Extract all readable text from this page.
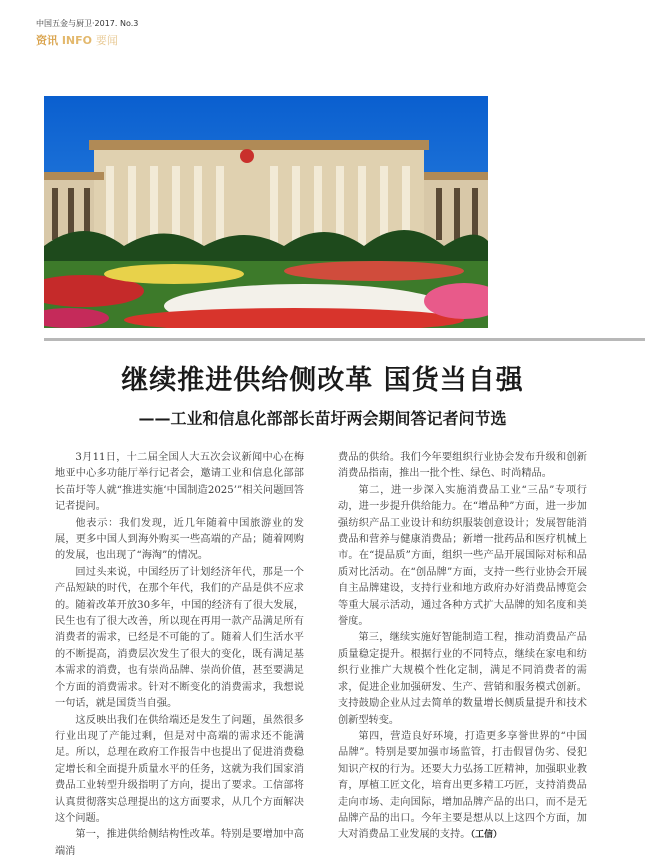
中国五金与厨卫·2017. No.3
资讯 INFO 要闻
继续推进供给侧改革 国货当自强
——工业和信息化部部长苗圩两会期间答记者问节选

3月11日，十二届全国人大五次会议新闻中心在梅地亚中心多功能厅举行记者会，邀请工业和信息化部部长苗圩等人就“推进实施‘中国制造2025’”相关问题回答记者提问。

他表示：我们发现，近几年随着中国旅游业的发展，更多中国人到海外购买一些高端的产品；随着网购的发展，也出现了“海淘”的情况。

回过头来说，中国经历了计划经济年代，那是一个产品短缺的时代，在那个年代，我们的产品是供不应求的。随着改革开放30多年，中国的经济有了很大发展，民生也有了很大改善，所以现在再用一款产品满足所有消费者的需求，已经是不可能的了。随着人们生活水平的不断提高，消费层次发生了很大的变化，既有满足基本需求的消费，也有崇尚品牌、崇尚价值，甚至要满足个方面的消费需求。针对不断变化的消费需求，我想说一句话，就是国货当自强。

这反映出我们在供给端还是发生了问题，虽然很多行业出现了产能过剩，但是对中高端的需求还不能满足。所以，总理在政府工作报告中也提出了促进消费稳定增长和全面提升质量水平的任务，这就为我们国家消费品工业转型升级指明了方向，提出了要求。工信部将认真贯彻落实总理提出的这方面要求，从几个方面解决这个问题。

第一，推进供给侧结构性改革。特别是要增加中高端消

费品的供给。我们今年要组织行业协会发布升级和创新消费品指南，推出一批个性、绿色、时尚精品。

第二，进一步深入实施消费品工业“三品”专项行动，进一步提升供给能力。在“增品种”方面，进一步加强纺织产品工业设计和纺织服装创意设计；发展智能消费品和营养与健康消费品；新增一批药品和医疗机械上市。在“提品质”方面，组织一些产品开展国际对标和品质对比活动。在“创品牌”方面，支持一些行业协会开展自主品牌建设，支持行业和地方政府办好消费品博览会等重大展示活动，通过各种方式扩大品牌的知名度和美誉度。

第三，继续实施好智能制造工程，推动消费品产品质量稳定提升。根据行业的不同特点，继续在家电和纺织行业推广大规模个性化定制，满足不同消费者的需求，促进企业加强研发、生产、营销和服务模式创新。支持鼓励企业从过去简单的数量增长侧质量提升和技术创新型转变。

第四，营造良好环境，打造更多享誉世界的“中国品牌”。特别是要加强市场监管，打击假冒伪劣、侵犯知识产权的行为。还要大力弘扬工匠精神，加强职业教育，厚植工匠文化，培育出更多精工巧匠，支持消费品走向市场、走向国际，增加品牌产品的出口，而不是无品牌产品的出口。今年主要是想从以上这四个方面，加大对消费品工业发展的支持。（工信）
